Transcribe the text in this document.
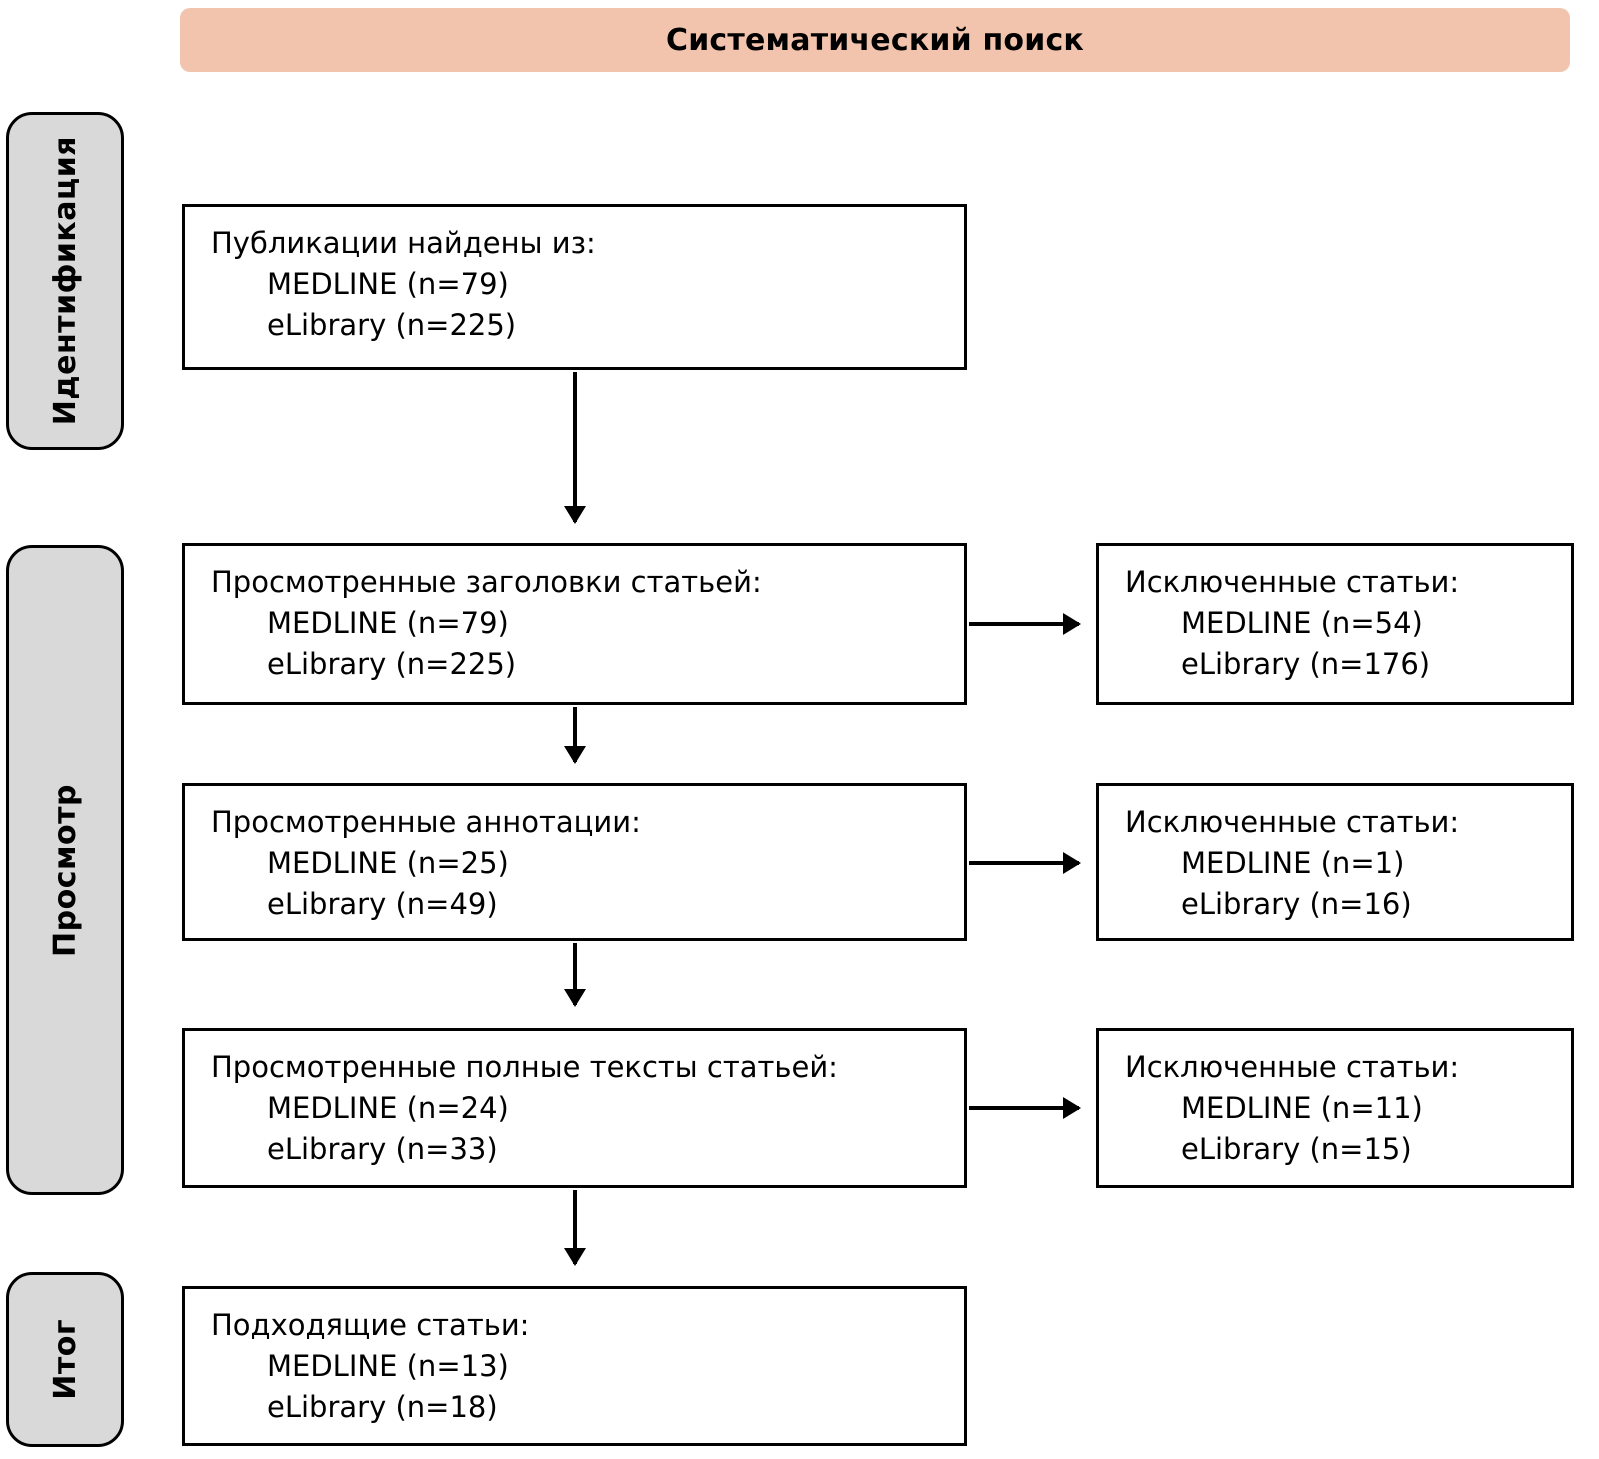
Систематический поиск
Идентификация
Просмотр
Итог
Публикации найдены из:
MEDLINE (n=79)
eLibrary (n=225)
Просмотренные заголовки статьей:
MEDLINE (n=79)
eLibrary (n=225)
Исключенные статьи:
MEDLINE (n=54)
eLibrary (n=176)
Просмотренные аннотации:
MEDLINE (n=25)
eLibrary (n=49)
Исключенные статьи:
MEDLINE (n=1)
eLibrary (n=16)
Просмотренные полные тексты статьей:
MEDLINE (n=24)
eLibrary (n=33)
Исключенные статьи:
MEDLINE (n=11)
eLibrary (n=15)
Подходящие статьи:
MEDLINE (n=13)
eLibrary (n=18)
